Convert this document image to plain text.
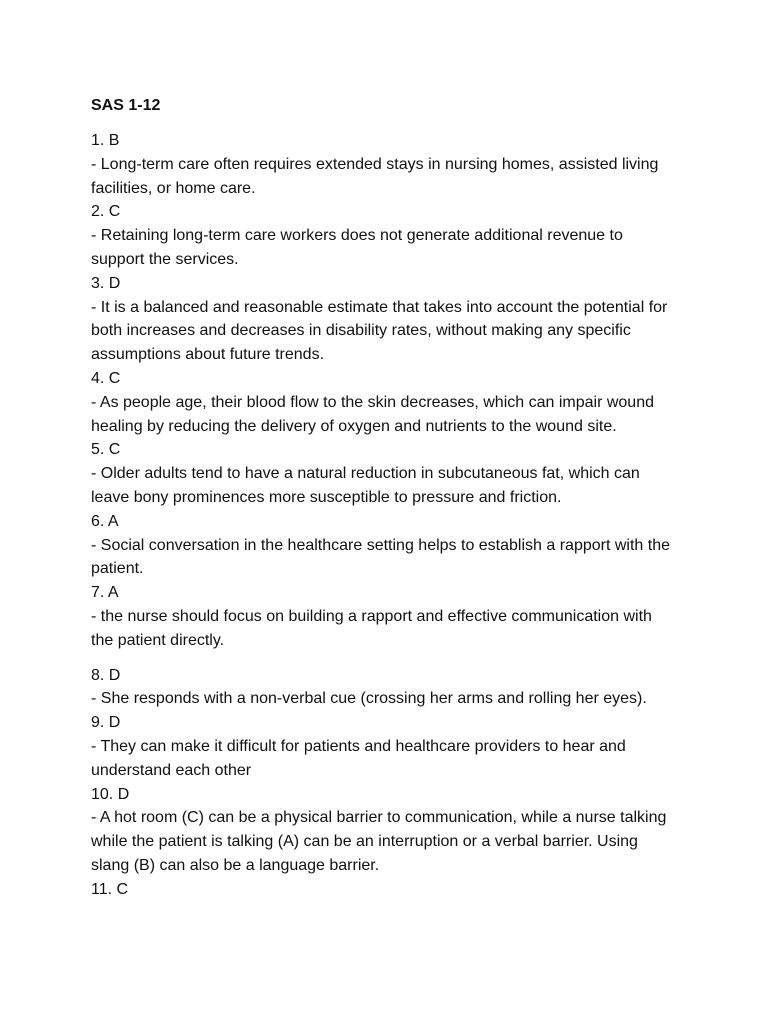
SAS 1-12
1. B
- Long-term care often requires extended stays in nursing homes, assisted living facilities, or home care.
2. C
- Retaining long-term care workers does not generate additional revenue to support the services.
3. D
- It is a balanced and reasonable estimate that takes into account the potential for both increases and decreases in disability rates, without making any specific assumptions about future trends.
4. C
- As people age, their blood flow to the skin decreases, which can impair wound healing by reducing the delivery of oxygen and nutrients to the wound site.
5. C
- Older adults tend to have a natural reduction in subcutaneous fat, which can leave bony prominences more susceptible to pressure and friction.
6. A
- Social conversation in the healthcare setting helps to establish a rapport with the patient.
7. A
- the nurse should focus on building a rapport and effective communication with the patient directly.
8. D
- She responds with a non-verbal cue (crossing her arms and rolling her eyes).
9. D
- They can make it difficult for patients and healthcare providers to hear and understand each other
10. D
- A hot room (C) can be a physical barrier to communication, while a nurse talking while the patient is talking (A) can be an interruption or a verbal barrier. Using slang (B) can also be a language barrier.
11. C
